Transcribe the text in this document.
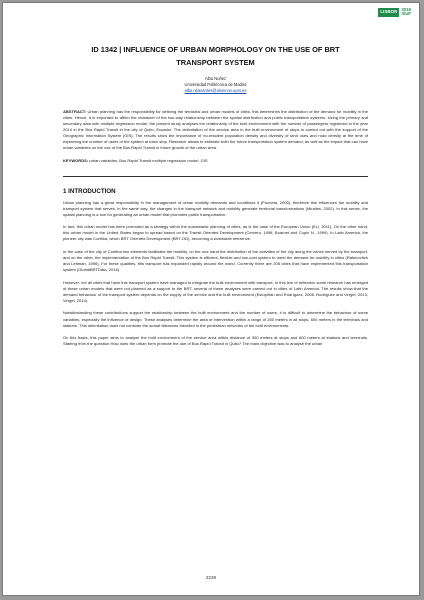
LISBON 2019
ISUF

ID 1342 | INFLUENCE OF URBAN MORPHOLOGY ON THE USE OF BRT
TRANSPORT SYSTEM

Alba Nuñez
Universidad Politécnica de Madrid
alba.nbasantes@alumnos.upm.es

ABSTRACT: Urban planning has the responsibility for defining the territorial and urban models of cities, this determines the distribution of the demand for mobility in the cities. Hence, it is important to affirm the character of the two-way relationship between the spatial distribution and public transportation systems. Using the primary and secondary data with multiple regression model, the present study analyses the relationship of the built environment with the number of passengers registered in the year 2014 in the Bus Rapid Transit in the city of Quito, Ecuador. The delimitation of the service area in the built environment of stops is carried out with the support of the Geographic Information System (GIS). The results show the importance of no-resident population density and diversity of land uses and road density at the time of explaining the number of users of the system at each stop. Research allows to estimate both the future transportation system demand, as well as the impact that can have urban variables on the use of the Bus Rapid Transit in future growth of the urban area.

KEYWORDS: urban variables, Bus Rapid Transit multiple regression model, GIS

1 INTRODUCTION

Urban planning has a great responsibility in the management of urban mobility demands and conditions it (Pozueta, 2000), therefore this influences the mobility and transport system that serves, in the same way, the changes in the transport network and mobility generate territorial transformations (Miralles, 2002). In this sense, the spatial planning is a tool for generating an urban model that promotes public transportation.

In fact, this urban model has been promoted as a strategy within the sustainable planning of cities, as is the case of the European Union (EU, 2011). On the other hand, this urban model in the United States began to spread based on the Transit Oriented Development (Cervero, 1998, Boarnet and Copin N., 1999). In Latin America, the pioneer city was Curitiba, which BRT Oriented Development (BRT-OD), becoming a worldwide reference.

In the case of the city of Curitiba two elements facilitated the mobility, on the one hand the distribution of the activities of the city along the zones served by the transport, and on the other, the implementation of the Bus Rapid Transit. This system is efficient, flexible and low-cost system to meet the demand for mobility in cities (Rabinovitch and Leitman, 1996). For these qualities, this transport has expanded rapidly around the world. Currently there are 205 cities that have implemented this transportation system (GlobalBRTData, 2016).

However, not all cities that have this transport system have managed to integrate the built environment with transport. In this line of reflection some research has emerged of these urban models that were not planned as a support to the BRT, several of these analyses were carried out in cities of Latin America. The results show that the demand behaviour of the transport system depends on the supply of the service and the built environment (Estupiñan and Rodríguez, 2008, Rodríguez and Vergel, 2013, Vergel, 2014).

Notwithstanding these contributions support the relationship between the built environment and the number of users, it is difficult to determine the behaviour of some variables, especially the influence of design. These analyses determine the area of intervention within a range of 250 meters in all stops, 500 meters in the terminals and stations. This delimitation does not consider the actual distances travelled in the pedestrian networks of the built environments.

On this basis, this paper aims to analyse the built environment of the service area within distance of 300 meters at stops and 600 meters at stations and terminals. Starting from the question How does the urban form promote the use of Bus Rapid Transit in Quito? The main objective was to analyse the urban

2229
